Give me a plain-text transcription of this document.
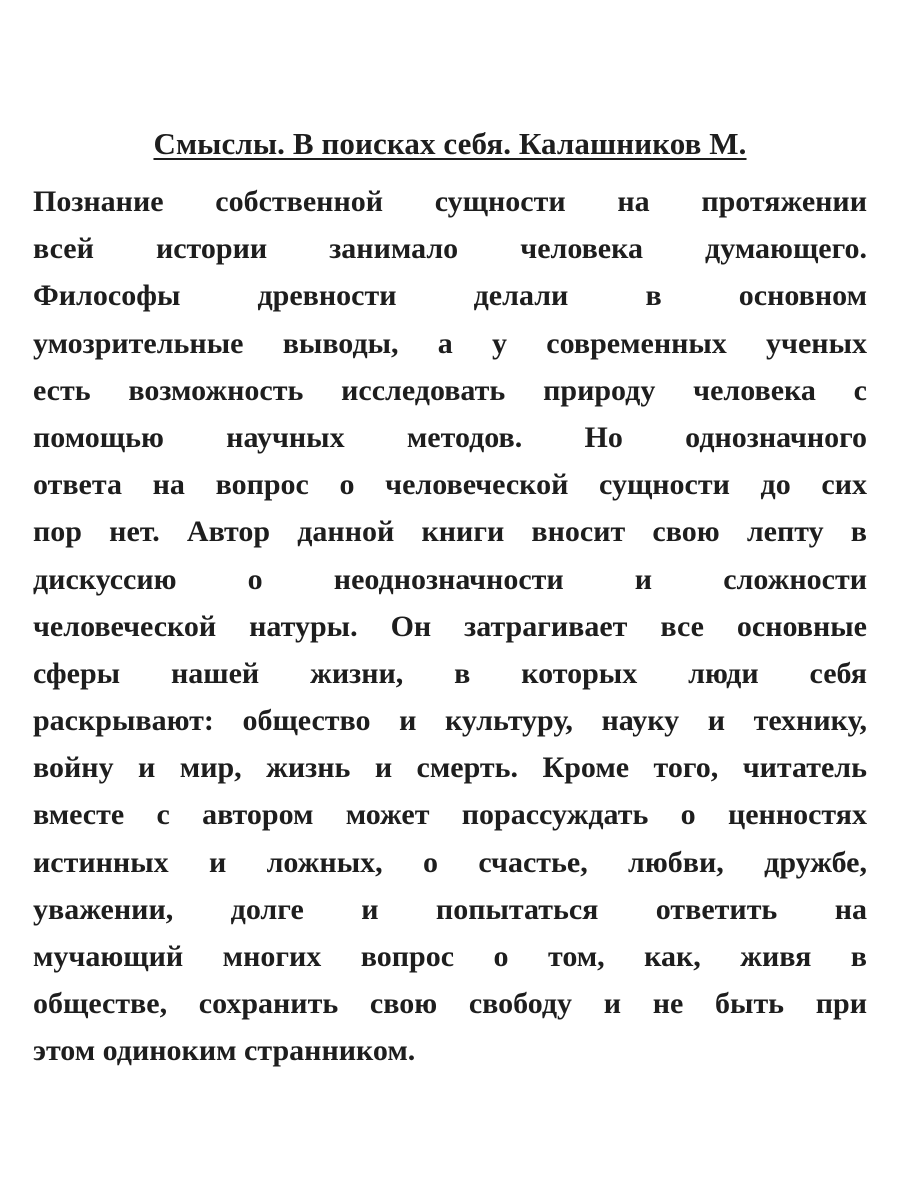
Смыслы. В поисках себя. Калашников М.

Познание собственной сущности на протяжении
всей истории занимало человека думающего.
Философы древности делали в основном
умозрительные выводы, а у современных ученых
есть возможность исследовать природу человека с
помощью научных методов. Но однозначного
ответа на вопрос о человеческой сущности до сих
пор нет. Автор данной книги вносит свою лепту в
дискуссию о неоднозначности и сложности
человеческой натуры. Он затрагивает все основные
сферы нашей жизни, в которых люди себя
раскрывают: общество и культуру, науку и технику,
войну и мир, жизнь и смерть. Кроме того, читатель
вместе с автором может порассуждать о ценностях
истинных и ложных, о счастье, любви, дружбе,
уважении, долге и попытаться ответить на
мучающий многих вопрос о том, как, живя в
обществе, сохранить свою свободу и не быть при
этом одиноким странником.
